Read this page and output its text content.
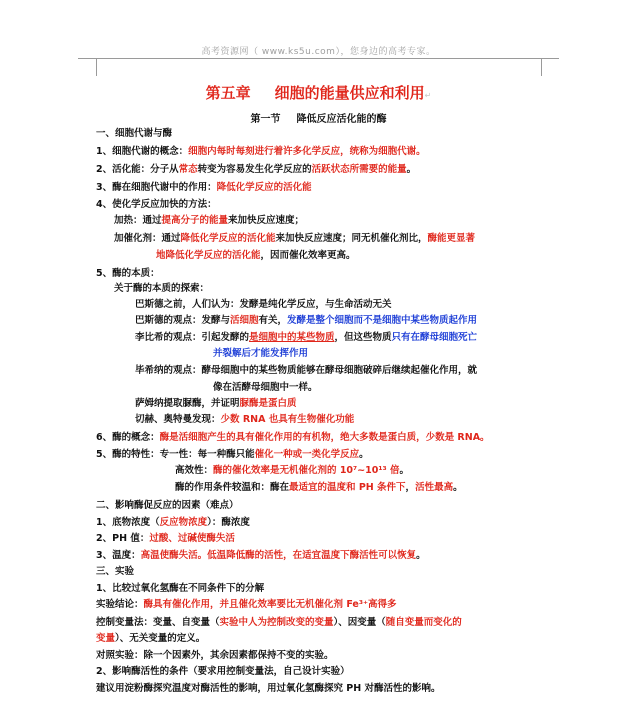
高考资源网（ www.ks5u.com），您身边的高考专家。
第五章 细胞的能量供应和利用↵
第一节 降低反应活化能的酶
一、细胞代谢与酶
1、细胞代谢的概念：细胞内每时每刻进行着许多化学反应，统称为细胞代谢。
2、活化能：分子从常态转变为容易发生化学反应的活跃状态所需要的能量。
3、酶在细胞代谢中的作用：降低化学反应的活化能
4、使化学反应加快的方法：
加热：通过提高分子的能量来加快反应速度；
加催化剂：通过降低化学反应的活化能来加快反应速度；同无机催化剂比，酶能更显著
地降低化学反应的活化能，因而催化效率更高。
5、酶的本质：
关于酶的本质的探索：
巴斯德之前，人们认为：发酵是纯化学反应，与生命活动无关
巴斯德的观点：发酵与活细胞有关，发酵是整个细胞而不是细胞中某些物质起作用
李比希的观点：引起发酵的是细胞中的某些物质，但这些物质只有在酵母细胞死亡
并裂解后才能发挥作用
毕希纳的观点：酵母细胞中的某些物质能够在酵母细胞破碎后继续起催化作用，就
像在活酵母细胞中一样。
萨姆纳提取脲酶，并证明脲酶是蛋白质
切赫、奥特曼发现：少数 RNA 也具有生物催化功能
6、酶的概念：酶是活细胞产生的具有催化作用的有机物，绝大多数是蛋白质，少数是 RNA。
5、酶的特性：专一性：每一种酶只能催化一种或一类化学反应。
高效性：酶的催化效率是无机催化剂的 10⁷~10¹³ 倍。
酶的作用条件较温和：酶在最适宜的温度和 PH 条件下，活性最高。
二、影响酶促反应的因素（难点）
1、底物浓度（反应物浓度）：酶浓度
2、PH 值：过酸、过碱使酶失活
3、温度：高温使酶失活。低温降低酶的活性，在适宜温度下酶活性可以恢复。
三、实验
1、比较过氧化氢酶在不同条件下的分解
实验结论：酶具有催化作用，并且催化效率要比无机催化剂 Fe³⁺高得多
控制变量法：变量、自变量（实验中人为控制改变的变量）、因变量（随自变量而变化的
变量）、无关变量的定义。
对照实验：除一个因素外，其余因素都保持不变的实验。
2、影响酶活性的条件（要求用控制变量法，自己设计实验）
建议用淀粉酶探究温度对酶活性的影响，用过氧化氢酶探究 PH 对酶活性的影响。
